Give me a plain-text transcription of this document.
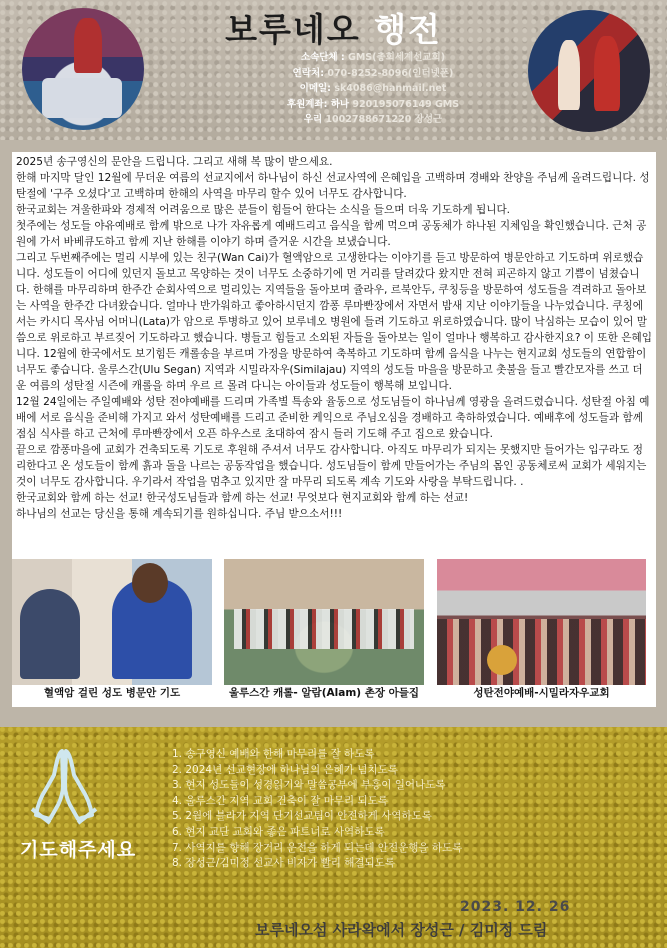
보루네오 행전
소속단체 : GMS(총회세계선교회)
연락처: 070-8252-8096(인터넷폰)
이메일: sk4086@hanmail.net
후원계좌: 하나 920195076149 GMS
우리 1002788671220 장성근

2025년 송구영신의 문안을 드립니다. 그리고 새해 복 많이 받으세요.

한해 마지막 달인 12월에 무더운 여름의 선교지에서 하나님이 하신 선교사역에 은혜입을 고백하며 경배와 찬양을 주님께 올려드립니다. 성탄절에 '구주 오셨다'고 고백하며 한해의 사역을 마무리 할수 있어 너무도 감사합니다.

한국교회는 겨울한파와 경제적 어려움으로 많은 분들이 힘들어 한다는 소식을 들으며 더욱 기도하게 됩니다.

첫주에는 성도들 야유예배로 함께 밖으로 나가 자유롭게 예배드리고 음식을 함께 먹으며 공동체가 하나된 지체임을 확인했습니다. 근처 공원에 가서 바베큐도하고 함께 지난 한해를 이야기 하며 즐거운 시간을 보냈습니다.

그리고 두번째주에는 멀리 시부에 있는 친구(Wan Cai)가 혈액암으로 고생한다는 이야기를 듣고 방문하여 병문안하고 기도하며 위로했습니다. 성도들이 어디에 있던지 돌보고 목양하는 것이 너무도 소중하기에 먼 거리를 달려갔다 왔지만 전혀 피곤하지 않고 기쁨이 넘쳤습니다. 한해를 마무리하며 한주간 순회사역으로 멀리있는 지역들을 돌아보며 쥴라우, 르북안두, 쿠칭등을 방문하여 성도들을 격려하고 돌아보는 사역을 한주간 다녀왔습니다. 얼마나 반가워하고 좋아하시던지 깜퐁 루마빤장에서 자면서 밤새 지난 이야기들을 나누었습니다. 쿠칭에서는 카시디 목사님 어머니(Lata)가 암으로 투병하고 있어 보루네오 병원에 들려 기도하고 위로하였습니다. 많이 낙심하는 모습이 있어 말씀으로 위로하고 부르짖어 기도하라고 했습니다. 병들고 힘들고 소외된 자들을 돌아보는 일이 얼마나 행복하고 감사한지요? 이 또한 은혜입니다. 12월에 한국에서도 보기힘든 캐롤송을 부르며 가정을 방문하여 축복하고 기도하며 함께 음식을 나누는 현지교회 성도들의 연합함이 너무도 좋습니다. 울루스간(Ulu Segan) 지역과 시밀라자우(Similajau) 지역의 성도들 마을을 방문하고 촛불을 들고 빨간모자를 쓰고 더운 여름의 성탄절 시즌에 캐롤을 하며 우르 르 몰려 다니는 아이들과 성도들이 행복해 보입니다.

12월 24일에는 주일예배와 성탄 전야예배를 드리며 가족별 특송와 율동으로 성도님들이 하나님께 영광을 올려드렸습니다. 성탄절 아침 예배에 서로 음식을 준비해 가지고 와서 성탄예배를 드리고 준비한 케익으로 주님오심을 경배하고 축하하였습니다. 예배후에 성도들과 함께 점심 식사를 하고 근처에 루마빤장에서 오픈 하우스로 초대하여 잠시 들러 기도해 주고 집으로 왔습니다.

끝으로 깜퐁마을에 교회가 건축되도록 기도로 후원해 주셔서 너무도 감사합니다. 아직도 마무리가 되지는 못했지만 들어가는 입구라도 정리한다고 온 성도들이 함께 흙과 돌을 나르는 공동작업을 했습니다. 성도님들이 함께 만들어가는 주님의 몸인 공동체로써 교회가 세워지는 것이 너무도 감사합니다. 우기라서 작업을 멈추고 있지만 잘 마무리 되도록 계속 기도와 사랑을 부탁드립니다. .

한국교회와 함께 하는 선교! 한국성도님들과 함께 하는 선교! 무엇보다 현지교회와 함께 하는 선교!

하나님의 선교는 당신을 통해 계속되기를 원하십니다. 주님 받으소서!!!

혈액암 걸린 성도 병문안 기도	울루스간 캐롤- 알람(Alam) 촌장 아들집	성탄전야예배-시밀라자우교회
기도해주세요
1. 송구영신 예배와 한해 마무리를 잘 하도록
2. 2024년 선교현장에 하나님의 은혜가 넘치도록
3. 현지 성도들이 성경읽기와 말씀공부에 부흥이 일어나도록
4. 울루스간 지역 교회 건축이 잘 마무리 되도록
5. 2월에 블라가 지역 단기선교팀이 안전하게 사역하도록
6. 현지 교단 교회와 좋은 파트너로 사역하도록
7. 사역지를 향해 장거리 운전을 하게 되는데 안전운행을 하도록
8. 장성근/김미정 선교사 비자가 빨리 해결되도록
2023. 12. 26
보루네오섬 사라왁에서 장성근 / 김미정 드림
